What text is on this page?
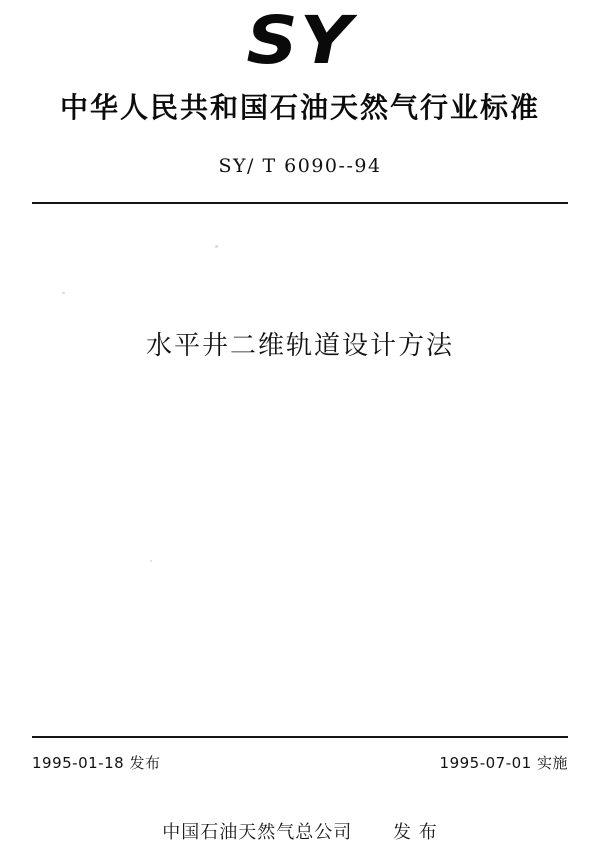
SY
中华人民共和国石油天然气行业标准
SY/ T 6090--94
水平井二维轨道设计方法
1995-01-18 发布	1995-07-01 实施
中国石油天然气总公司 发 布
